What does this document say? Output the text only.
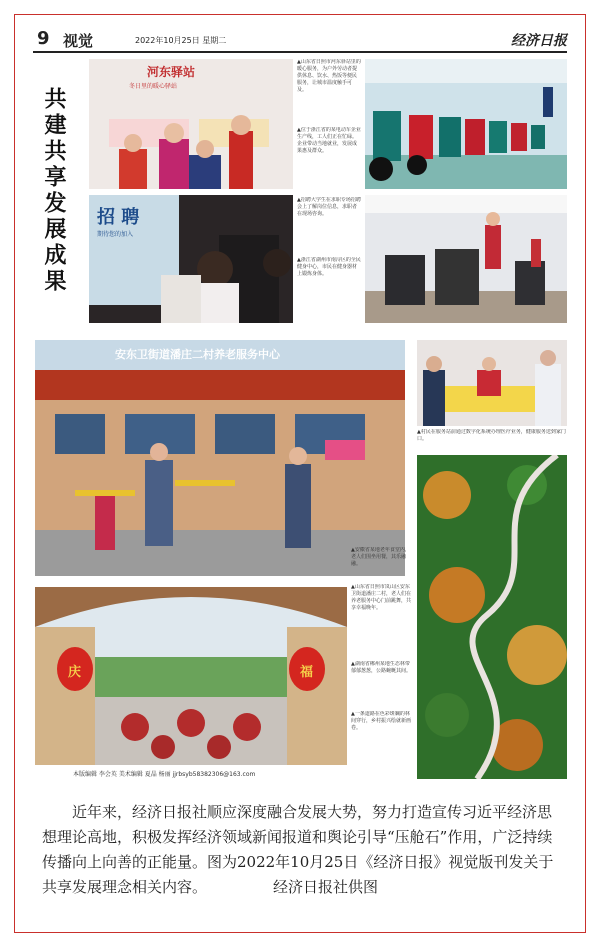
9 视觉	2022年10月25日 星期二	经济日报
共建共享发展成果
河东驿站
冬日里的暖心驿站
▲山东省日照市河东驿站里的暖心服务，为户外劳动者提供休息、饮水、热饭等便民服务，让城市温度触手可及。
招 聘
期待您的加入
▲位于浙江省的某电动车企业生产线，工人们正在忙碌。企业带动当地就业，发展成果惠及群众。
▲招聘大学生在求职专场招聘会上了解岗位信息，求职者在现场咨询。
▲浙江省湖州市南浔区的全民健身中心，市民在健身器材上锻炼身体。
安东卫街道潘庄二村养老服务中心
▲村民在服务站前通过数字化系统办理医疗业务，健康服务送到家门口。
▲山东省日照市岚山区安东卫街道潘庄二村，老人们在养老服务中心门前跳舞，共享幸福晚年。
▲湖南省郴州某地生态林带郁郁葱葱，公路蜿蜒其间。
▲一条道路在色彩斑斓的林间穿行，乡村振兴绘就新画卷。
庆	福
▲安徽省某地老年食堂内，老人们围坐用餐，其乐融融。
本版编辑 李会英 美术编辑 夏晶 杨丽 jjrbsyb58382306@163.com
近年来，经济日报社顺应深度融合发展大势，努力打造宣传习近平经济思想理论高地，积极发挥经济领域新闻报道和舆论引导“压舱石”作用，广泛持续传播向上向善的正能量。图为2022年10月25日《经济日报》视觉版刊发关于共享发展理念相关内容。	经济日报社供图
